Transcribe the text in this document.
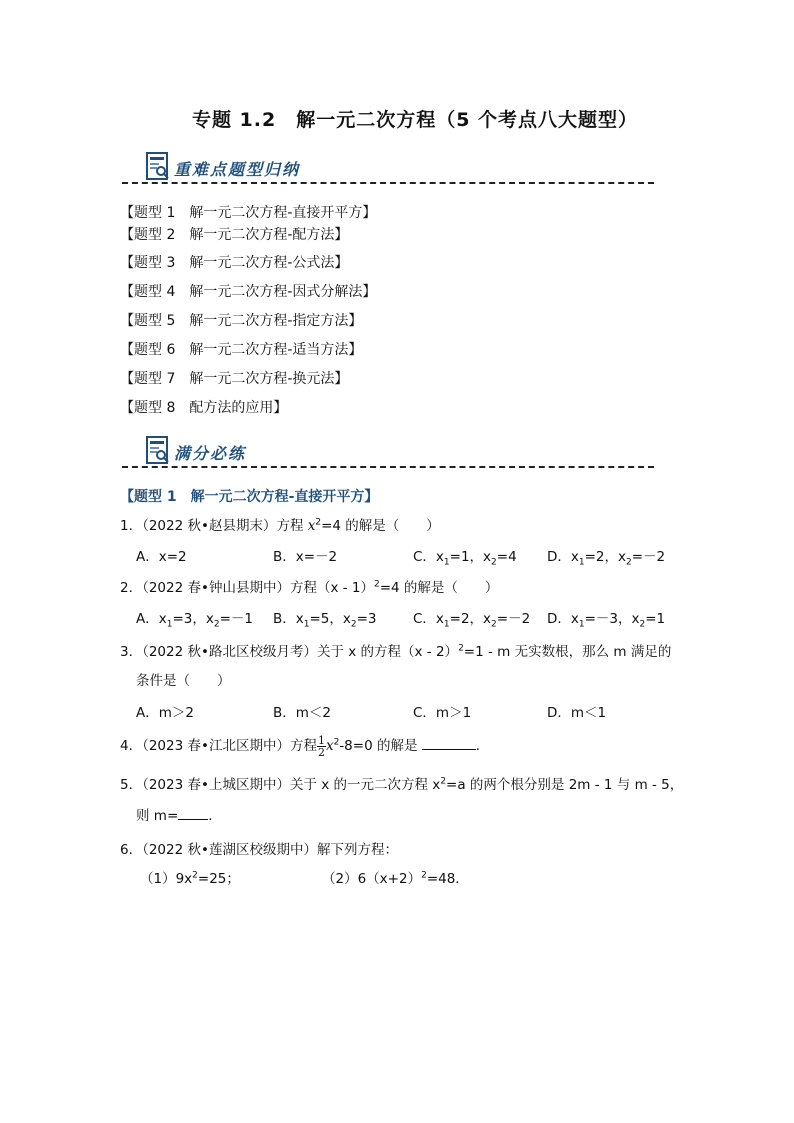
专题 1.2　解一元二次方程（5 个考点八大题型）
重难点题型归纳
【题型 1　解一元二次方程-直接开平方】
【题型 2　解一元二次方程-配方法】
【题型 3　解一元二次方程-公式法】
【题型 4　解一元二次方程-因式分解法】
【题型 5　解一元二次方程-指定方法】
【题型 6　解一元二次方程-适当方法】
【题型 7　解一元二次方程-换元法】
【题型 8　配方法的应用】
满分必练
【题型 1　解一元二次方程-直接开平方】
1．（2022 秋•赵县期末）方程 $x^2=4$ 的解是（　　）
A．x=2	B．x=－2	C．$x_1=1$，$x_2=4$ D．$x_1=2$，$x_2=-2$
2．（2022 春•钟山县期中）方程（x - 1）$^2$=4 的解是（　　）
A．$x_1=3$，$x_2=-1$ B．$x_1=5$，$x_2=3$	C．$x_1=2$，$x_2=-2$ D．$x_1=-3$，$x_2=1$
3．（2022 秋•路北区校级月考）关于 x 的方程（x - 2）$^2$=1 - m 无实数根，那么 m 满足的
条件是（　　）
A．m＞2	B．m＜2	C．m＞1	D．m＜1
4．（2023 春•江北区期中）方程 $\frac{1}{2} x^2-8=0$ 的解是	．
5．（2023 春•上城区期中）关于 x 的一元二次方程 $x^2=a$ 的两个根分别是 2m - 1 与 m - 5，
则 m= ．
6．（2022 秋•莲湖区校级期中）解下列方程：
$(1)9x^2=25$；	$(2)6(x+2)^2=48$．
